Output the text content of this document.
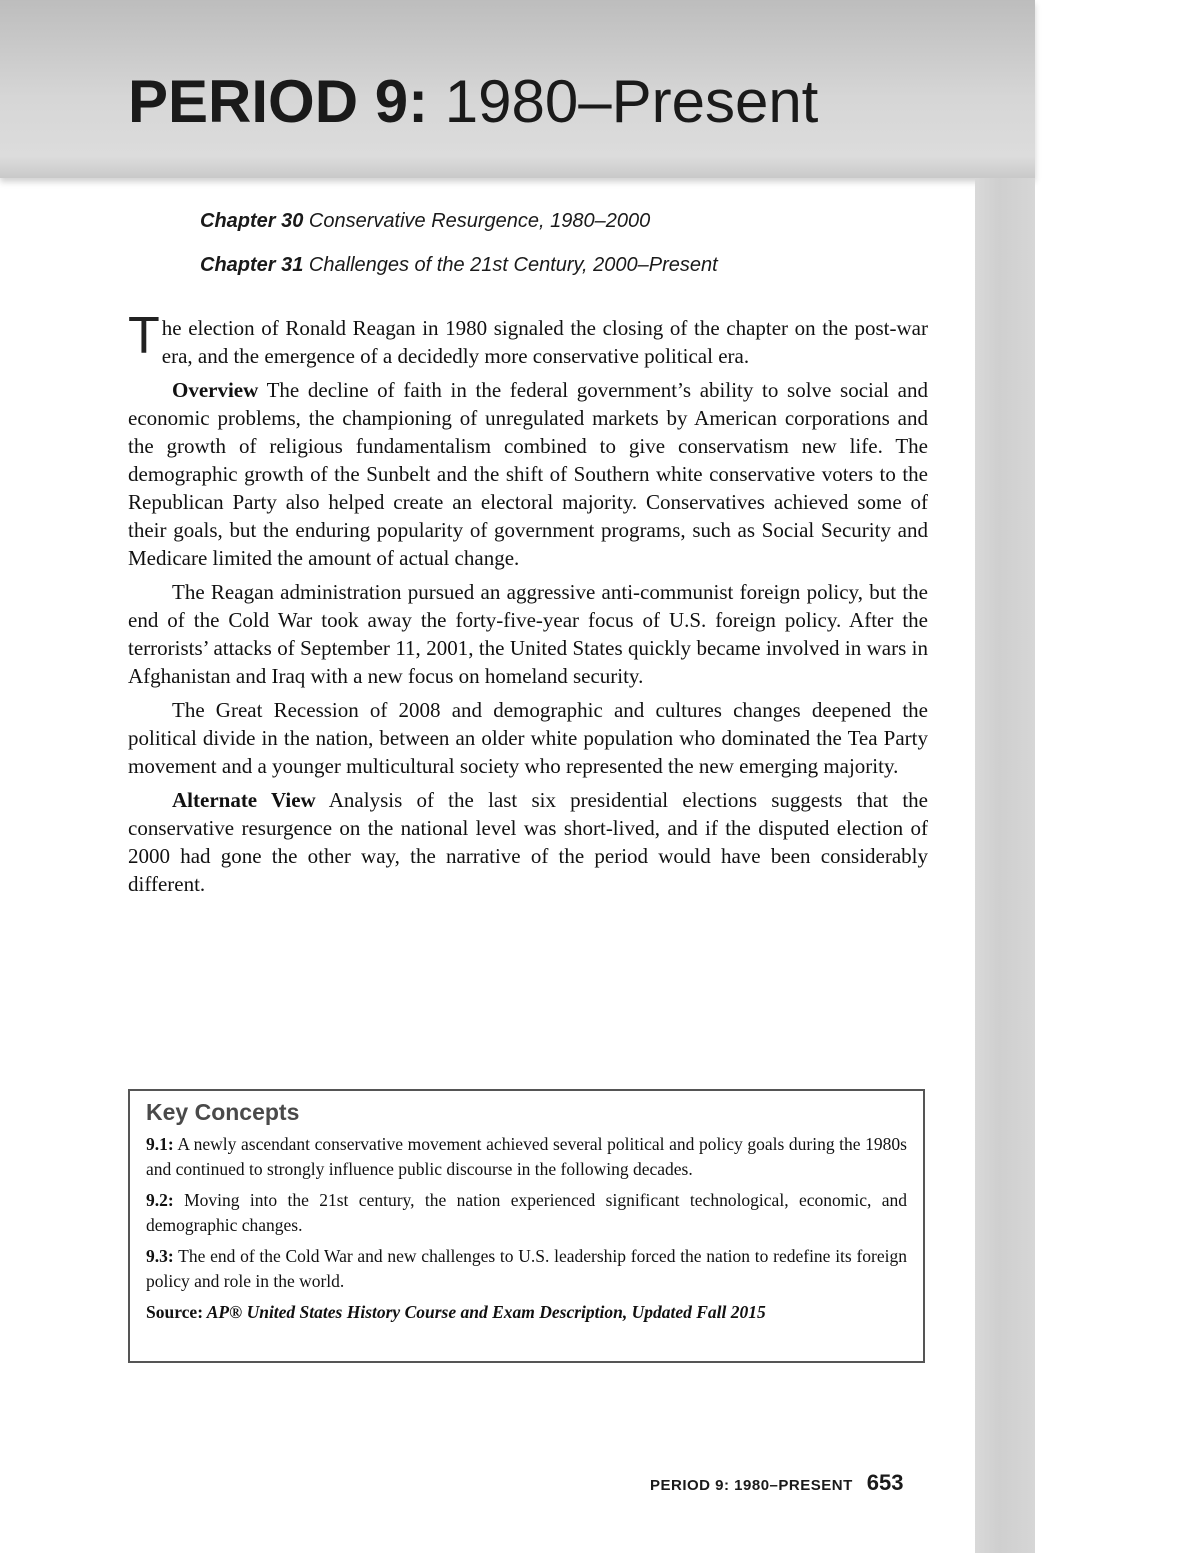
PERIOD 9: 1980–Present
Chapter 30 Conservative Resurgence, 1980–2000
Chapter 31 Challenges of the 21st Century, 2000–Present

The election of Ronald Reagan in 1980 signaled the closing of the chapter on the post-war era, and the emergence of a decidedly more conservative political era.

Overview The decline of faith in the federal government’s ability to solve social and economic problems, the championing of unregulated markets by American corporations and the growth of religious fundamentalism combined to give conservatism new life. The demographic growth of the Sunbelt and the shift of Southern white conservative voters to the Republican Party also helped create an electoral majority. Conservatives achieved some of their goals, but the enduring popularity of government programs, such as Social Security and Medicare limited the amount of actual change.

The Reagan administration pursued an aggressive anti-communist foreign policy, but the end of the Cold War took away the forty-five-year focus of U.S. foreign policy. After the terrorists’ attacks of September 11, 2001, the United States quickly became involved in wars in Afghanistan and Iraq with a new focus on homeland security.

The Great Recession of 2008 and demographic and cultures changes deepened the political divide in the nation, between an older white population who dominated the Tea Party movement and a younger multicultural society who represented the new emerging majority.

Alternate View Analysis of the last six presidential elections suggests that the conservative resurgence on the national level was short-lived, and if the disputed election of 2000 had gone the other way, the narrative of the period would have been considerably different.

Key Concepts

9.1: A newly ascendant conservative movement achieved several political and policy goals during the 1980s and continued to strongly influence public discourse in the following decades.

9.2: Moving into the 21st century, the nation experienced significant technological, economic, and demographic changes.

9.3: The end of the Cold War and new challenges to U.S. leadership forced the nation to redefine its foreign policy and role in the world.

Source: AP® United States History Course and Exam Description, Updated Fall 2015

PERIOD 9: 1980–PRESENT 653
